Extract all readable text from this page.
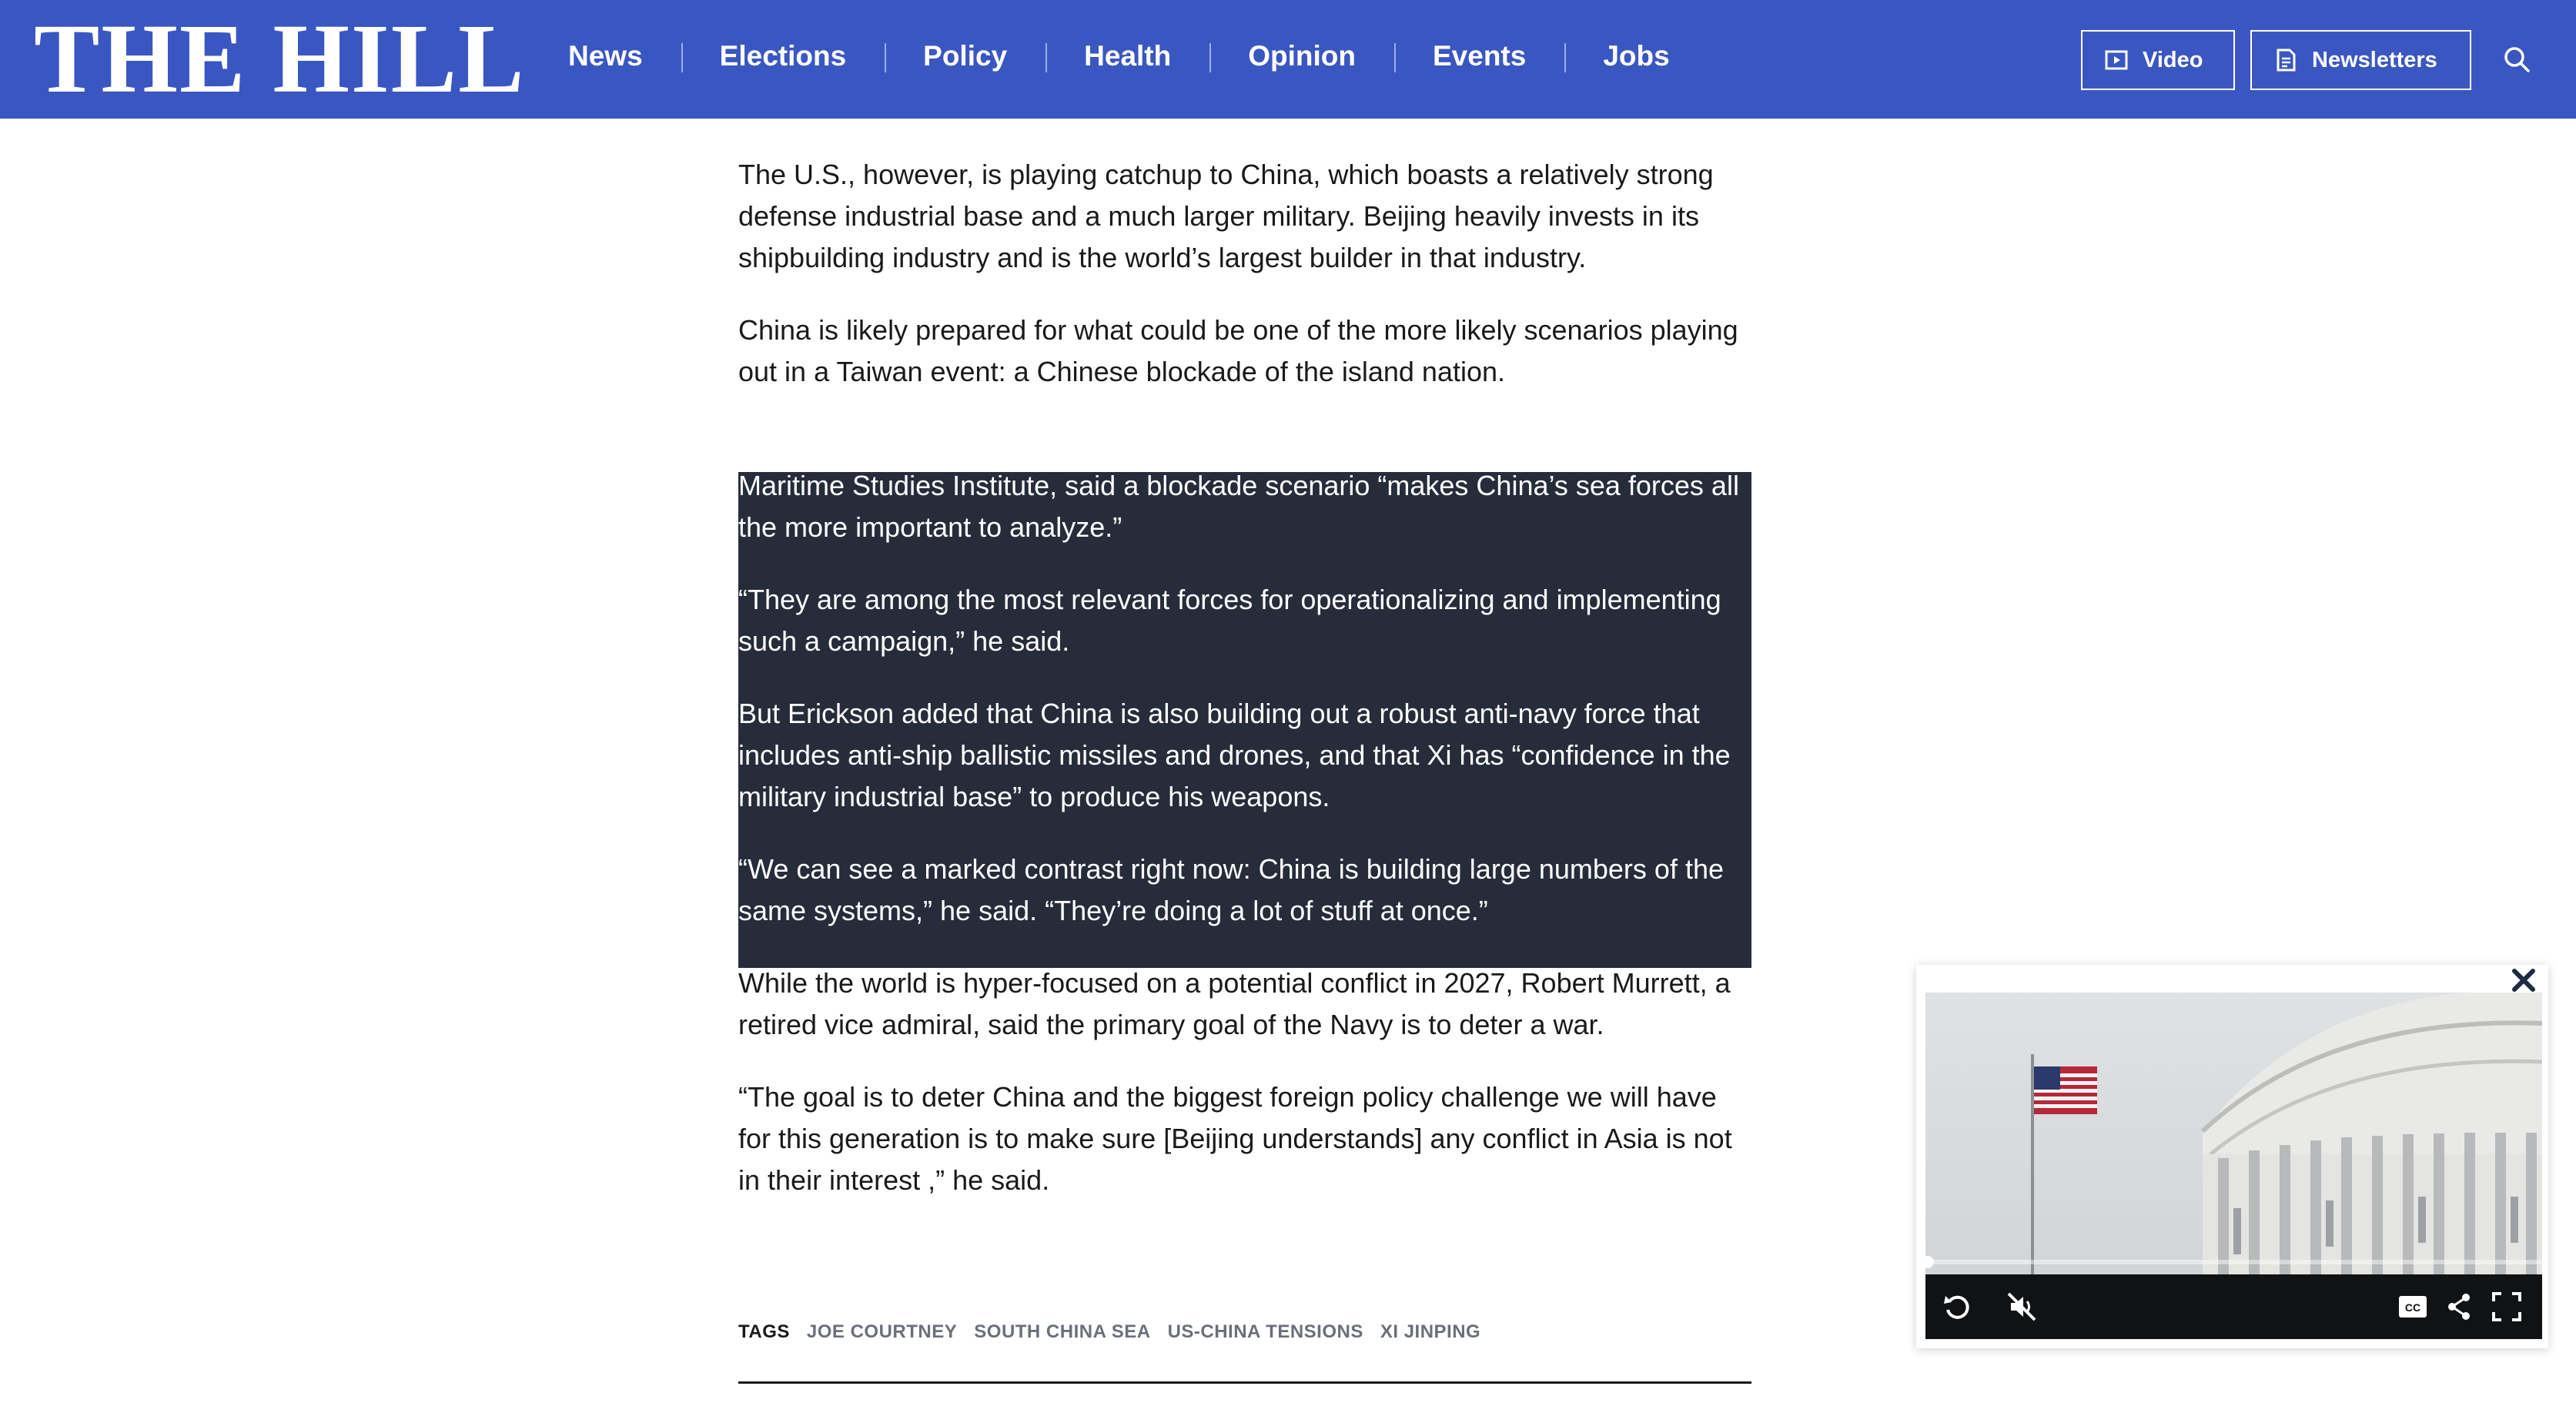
THE HILL	News	Elections	Policy	Health	Opinion	Events	Jobs	Video	Newsletters

The U.S., however, is playing catchup to China, which boasts a relatively strong defense industrial base and a much larger military. Beijing heavily invests in its shipbuilding industry and is the world’s largest builder in that industry.

China is likely prepared for what could be one of the more likely scenarios playing out in a Taiwan event: a Chinese blockade of the island nation.

Andrew Erickson, a professor of strategy at the U.S. Naval War College’s China Maritime Studies Institute, said a blockade scenario “makes China’s sea forces all the more important to analyze.”

“They are among the most relevant forces for operationalizing and implementing such a campaign,” he said.

But Erickson added that China is also building out a robust anti-navy force that includes anti-ship ballistic missiles and drones, and that Xi has “confidence in the military industrial base” to produce his weapons.

“We can see a marked contrast right now: China is building large numbers of the same systems,” he said. “They’re doing a lot of stuff at once.”

While the world is hyper-focused on a potential conflict in 2027, Robert Murrett, a retired vice admiral, said the primary goal of the Navy is to deter a war.

“The goal is to deter China and the biggest foreign policy challenge we will have for this generation is to make sure [Beijing understands] any conflict in Asia is not in their interest ,” he said.

TAGS JOE COURTNEY SOUTH CHINA SEA US-CHINA TENSIONS XI JINPING
CC
